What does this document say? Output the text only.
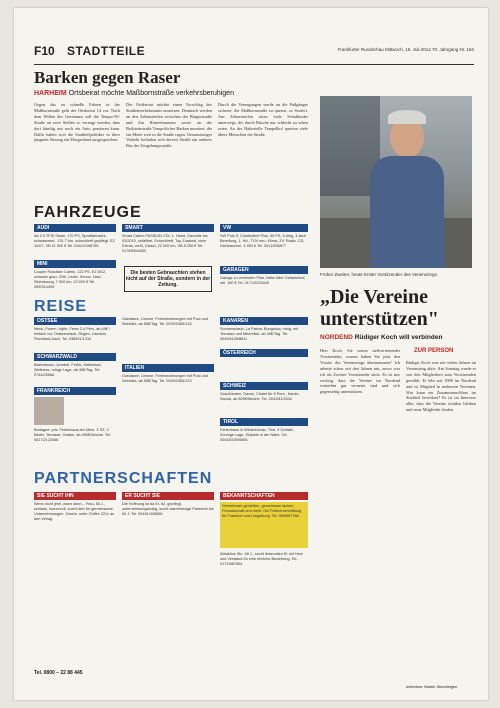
F10 STADTTEILE	Frankfurter Rundschau Mittwoch, 16. Juli 2014 70. Jahrgang Nr. 162
Barken gegen Raser
HARHEIM Ortsbeirat möchte Maßbornstraße verkehrsberuhigen
Gegen das zu schnelle Fahren in der Maßbornstraße geht der Ortsbeirat 14 vor. Nach dem Willen des Gremiums soll die Tempo-30-Straße an zwei Stellen so verengt werden, dass dort künftig nur noch ein Auto passieren kann. Dafür haben sich die Stadtteilpolitiker in ihrer jüngsten Sitzung ein Morgenland ausgesprochen.
Der Ortsbeirat möchte einen Vorschlag des Straßenverkehrsamts umsetzen. Demnach werden an den Zebrastreifen zwischen der Bürgerstraße und Am Römerbrunnen sowie an der Beilsteinstraße Tempolöcher Barken montiert, die ein Meter weit in die Straße ragen. Ortsansässiger Verkehr befinden sich derzeit Straße ein anderes Bus der Umgehungsstraße.
Durch die Verengungen werde an die Fußgänger sicherer, die Maßbornstraße zu queren, so Seufert. Am Zebrastreifen seien viele Schulkinder unterwegs, die durch Büsche nur schlecht zu sehen seien. An der Haltestelle Tempelhof querten viele ältere Menschen die Straße.
FAHRZEUGE
AUDI	SMART	VW
A6 2.0 TFSI Stuhe, 170 PS, Sportfahrwerk, schwarzmet., 131 T km, scheckheft gepflegt, EZ 10/07, VB 11.900 € Tel. 0162/1098765
Smart Cabrio PASSION CDI, 1. Hand, Garantie bis 03/2015, unfallfrei, Scheckheft, Top Zustand, viele Extras, weiß, Diesel, 22.000 km, VB 8.250 € Tel. 0176/5544332
VW Polo 9, Comfortline Plus, 60 PS, 5-türig, 4-fach Bereifung, 1. Hd., TÜV neu, Klima, ZV, Radio, CD, Nichtraucher, 4.950 € Tel. 0611/998877
MINI
Cooper Roadster Cabrio, 122 PS, EZ 8/12, schwarz grau, Chili, Leder, Xenon, Navi, Sitzheizung, 7.500 km, 22.900 € Tel. 069/314499
Die besten Gebrauchten stehen nicht auf der Straße, sondern in der Zeitung.
GARAGEN
Garage zu vermieten Pilar, Nähe Alter Ostbahnhof, mtl. 150 € Tel. 0171/2233445
REISE
OSTSEE
Meck.-Pomm. Idylle: Fewo 2-4 Pers. ab 49€ / einfach nur Ostseeurlaub, Rügen, Usedom, Fischland-Darß. Tel. 038391/1234
SCHWARZWALD
Baiersbronn, komfort. FeWo, Hallenbad, Wellness, ruhige Lage, ab 45€/Tag. Tel. 07442/5566
FRANKREICH
Bretagne: priv. Ferienhaus am Meer, 3 SZ, 2 Bäder, Terrasse, Garten, ab 490€/Woche. Tel. 06172/123456
Gardasee, Limone, Ferienwohnungen mit Pool und Seeblick, ab 55€/Tag. Tel. 0039/0365/123
ITALIEN
Gardasee, Limone, Ferienwohnungen mit Pool und Seeblick, ab 55€/Tag. Tel. 0039/0365/123
KANAREN
Sonnenurlaub, La Palma, Bungalow, ruhig, mit Terrasse und Meerblick, ab 40€/Tag. Tel. 0049/6105/8811
ÖSTERREICH
SCHWEIZ
Graubünden, Davos, Chalet für 6 Pers., Kamin, Sauna, ab 800€/Woche. Tel. 0041/81/3344
TIROL
Ferienhaus in Wildschönau, Tirol, 4 Schlafz., Sonnige Lage, Skipiste in der Nähe. Tel. 0043/5339/5566
PARTNERSCHAFTEN
SIE SUCHT IHN	ER SUCHT SIE	BEKANNTSCHAFTEN
Wenn nicht jetzt, wann dann... Frau, 56 J., schlank, humorvoll, sucht dich für gemeinsame Unternehmungen. Zuschr. unter Chiffre 2211 an den Verlag.
Die Hoffnung ist da Er, 62, gepflegt, unternehmungslustig, sucht warmherzige Partnerin bis 60 J. Tel. 06181/445566
Gemeinsam genießen, gemeinsam lachen, Freundschaft und mehr: Die Partnervermittlung für Frankfurt und Umgebung. Tel. 069/667788
Attraktive Sie, 48 J., sucht liebevollen Er mit Herz und Verstand für eine ehrliche Beziehung. Tel. 0171/987654
Tel. 0800 – 22 88 445
Früher Zweiter, heute Erster Vorsitzender des Vereinsrings.
„Die Vereine unterstützen"
NORDEND Rüdiger Koch will verbinden
ZUR PERSON
Herr Koch, Sie waren stellvertretender Vorsitzender, warum haben Sie jetzt den Vorsitz des Vereinsrings übernommen? Ich arbeite schon seit drei Jahren mit, zuvor war ich als Zweiter Vorsitzender aktiv. Es ist mir wichtig, dass die Vereine im Nordend weiterhin gut vernetzt sind und sich gegenseitig unterstützen.
Rüdiger Koch war seit vielen Jahren im Vereinsring aktiv. Am Sonntag wurde er von den Mitgliedern zum Vorsitzenden gewählt. Er lebt seit 1980 im Nordend und ist Mitglied in mehreren Vereinen. Was kann ein Zusammenschluss im Stadtteil bewirken? Es ist im Interesse aller, dass die Vereine sichtbar bleiben und neue Mitglieder finden.
Interview: Martin Stechlingen
